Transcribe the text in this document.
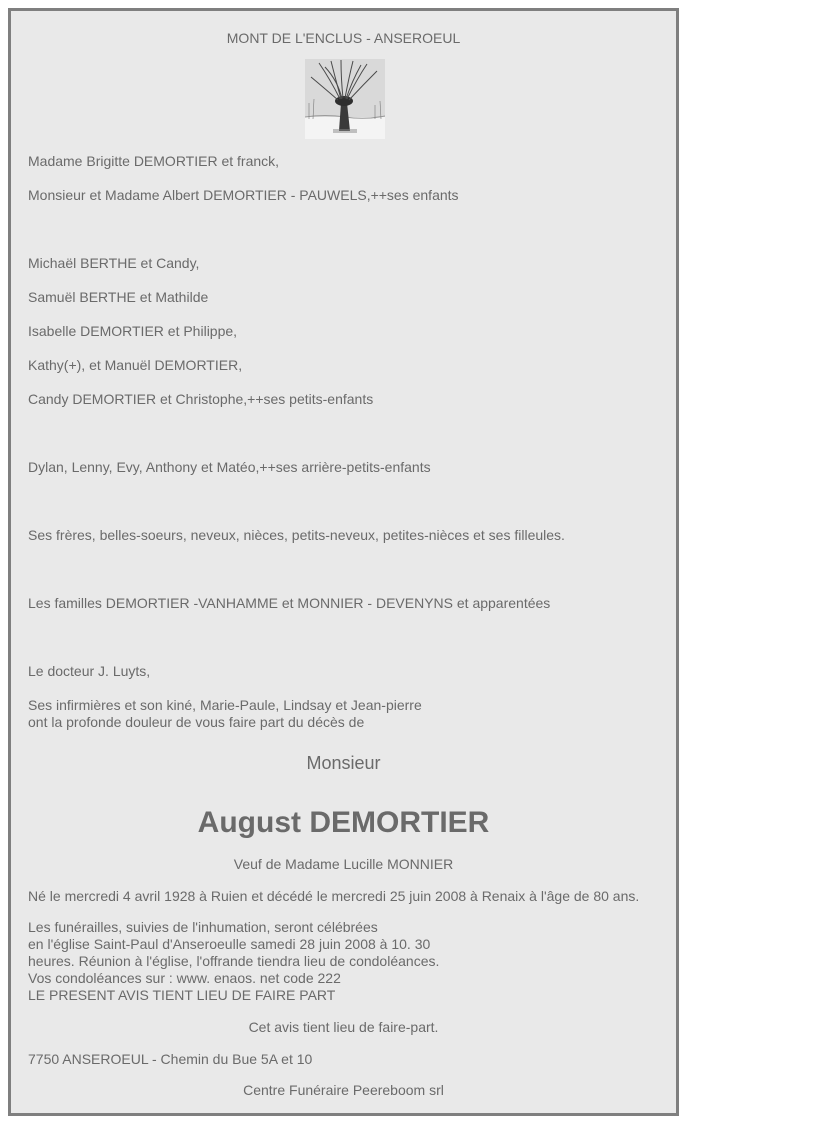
MONT DE L'ENCLUS - ANSEROEUL
Madame Brigitte DEMORTIER et franck,
Monsieur et Madame Albert DEMORTIER - PAUWELS,++ses enfants
Michaël BERTHE et Candy,
Samuël BERTHE et Mathilde
Isabelle DEMORTIER et Philippe,
Kathy(+), et Manuël DEMORTIER,
Candy DEMORTIER et Christophe,++ses petits-enfants
Dylan, Lenny, Evy, Anthony et Matéo,++ses arrière-petits-enfants
Ses frères, belles-soeurs, neveux, nièces, petits-neveux, petites-nièces et ses filleules.
Les familles DEMORTIER -VANHAMME et MONNIER - DEVENYNS et apparentées
Le docteur J. Luyts,
Ses infirmières et son kiné, Marie-Paule, Lindsay et Jean-pierre
ont la profonde douleur de vous faire part du décès de
Monsieur
August DEMORTIER
Veuf de Madame Lucille MONNIER
Né le mercredi 4 avril 1928 à Ruien et décédé le mercredi 25 juin 2008 à Renaix à l'âge de 80 ans.
Les funérailles, suivies de l'inhumation, seront célébrées
en l'église Saint-Paul d'Anseroeulle samedi 28 juin 2008 à 10. 30
heures. Réunion à l'église, l'offrande tiendra lieu de condoléances.
Vos condoléances sur : www. enaos. net code 222
LE PRESENT AVIS TIENT LIEU DE FAIRE PART
Cet avis tient lieu de faire-part.
7750 ANSEROEUL - Chemin du Bue 5A et 10
Centre Funéraire Peereboom srl
